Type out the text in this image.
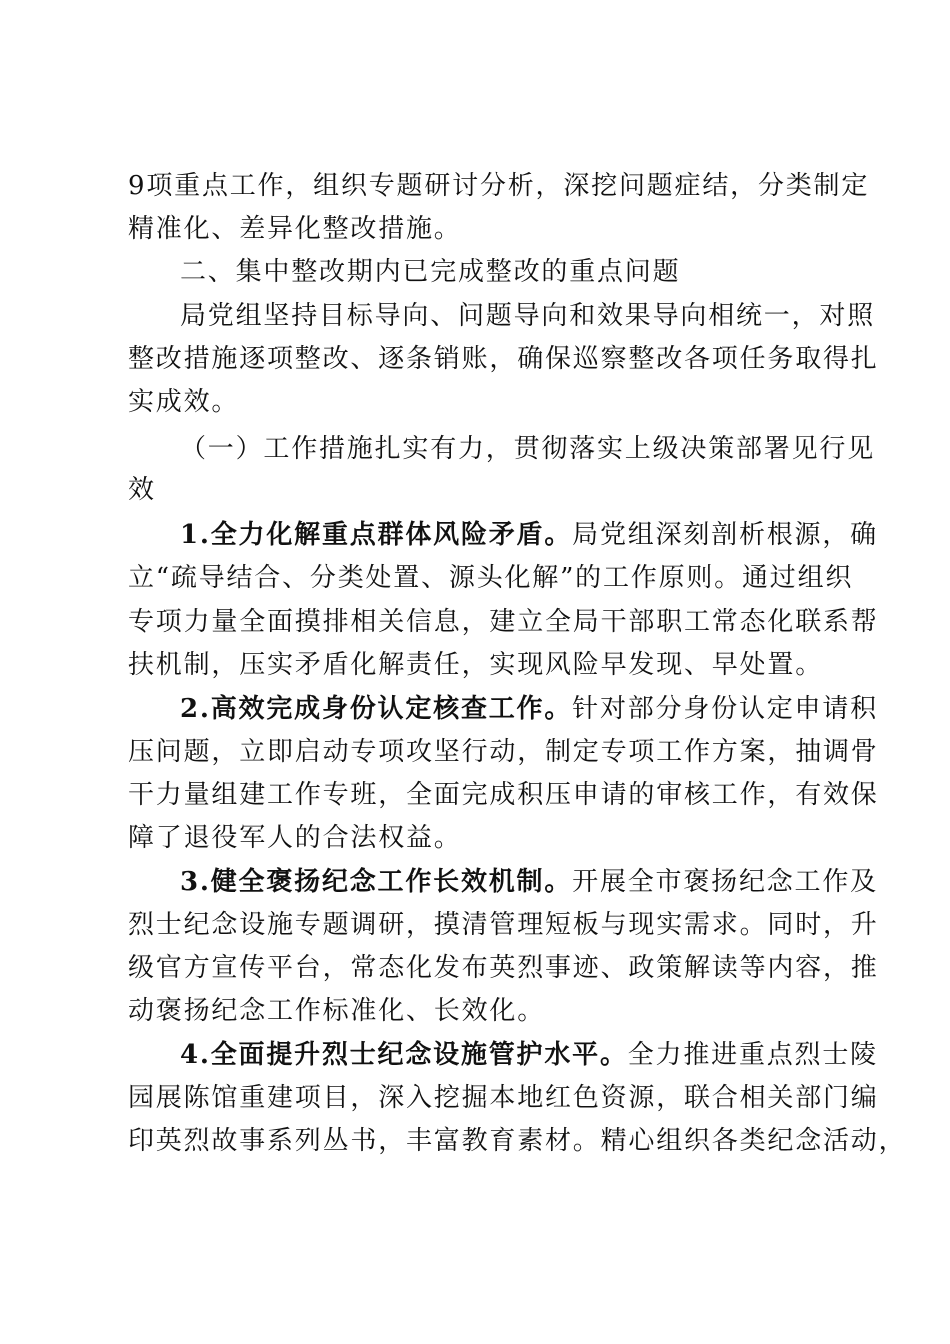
9项重点工作，组织专题研讨分析，深挖问题症结，分类制定
精准化、差异化整改措施。
二、集中整改期内已完成整改的重点问题
局党组坚持目标导向、问题导向和效果导向相统一，对照
整改措施逐项整改、逐条销账，确保巡察整改各项任务取得扎
实成效。
（一）工作措施扎实有力，贯彻落实上级决策部署见行见
效
1.全力化解重点群体风险矛盾。局党组深刻剖析根源，确
立“疏导结合、分类处置、源头化解”的工作原则。通过组织
专项力量全面摸排相关信息，建立全局干部职工常态化联系帮
扶机制，压实矛盾化解责任，实现风险早发现、早处置。
2.高效完成身份认定核查工作。针对部分身份认定申请积
压问题，立即启动专项攻坚行动，制定专项工作方案，抽调骨
干力量组建工作专班，全面完成积压申请的审核工作，有效保
障了退役军人的合法权益。
3.健全褒扬纪念工作长效机制。开展全市褒扬纪念工作及
烈士纪念设施专题调研，摸清管理短板与现实需求。同时，升
级官方宣传平台，常态化发布英烈事迹、政策解读等内容，推
动褒扬纪念工作标准化、长效化。
4.全面提升烈士纪念设施管护水平。全力推进重点烈士陵
园展陈馆重建项目，深入挖掘本地红色资源，联合相关部门编
印英烈故事系列丛书，丰富教育素材。精心组织各类纪念活动，
